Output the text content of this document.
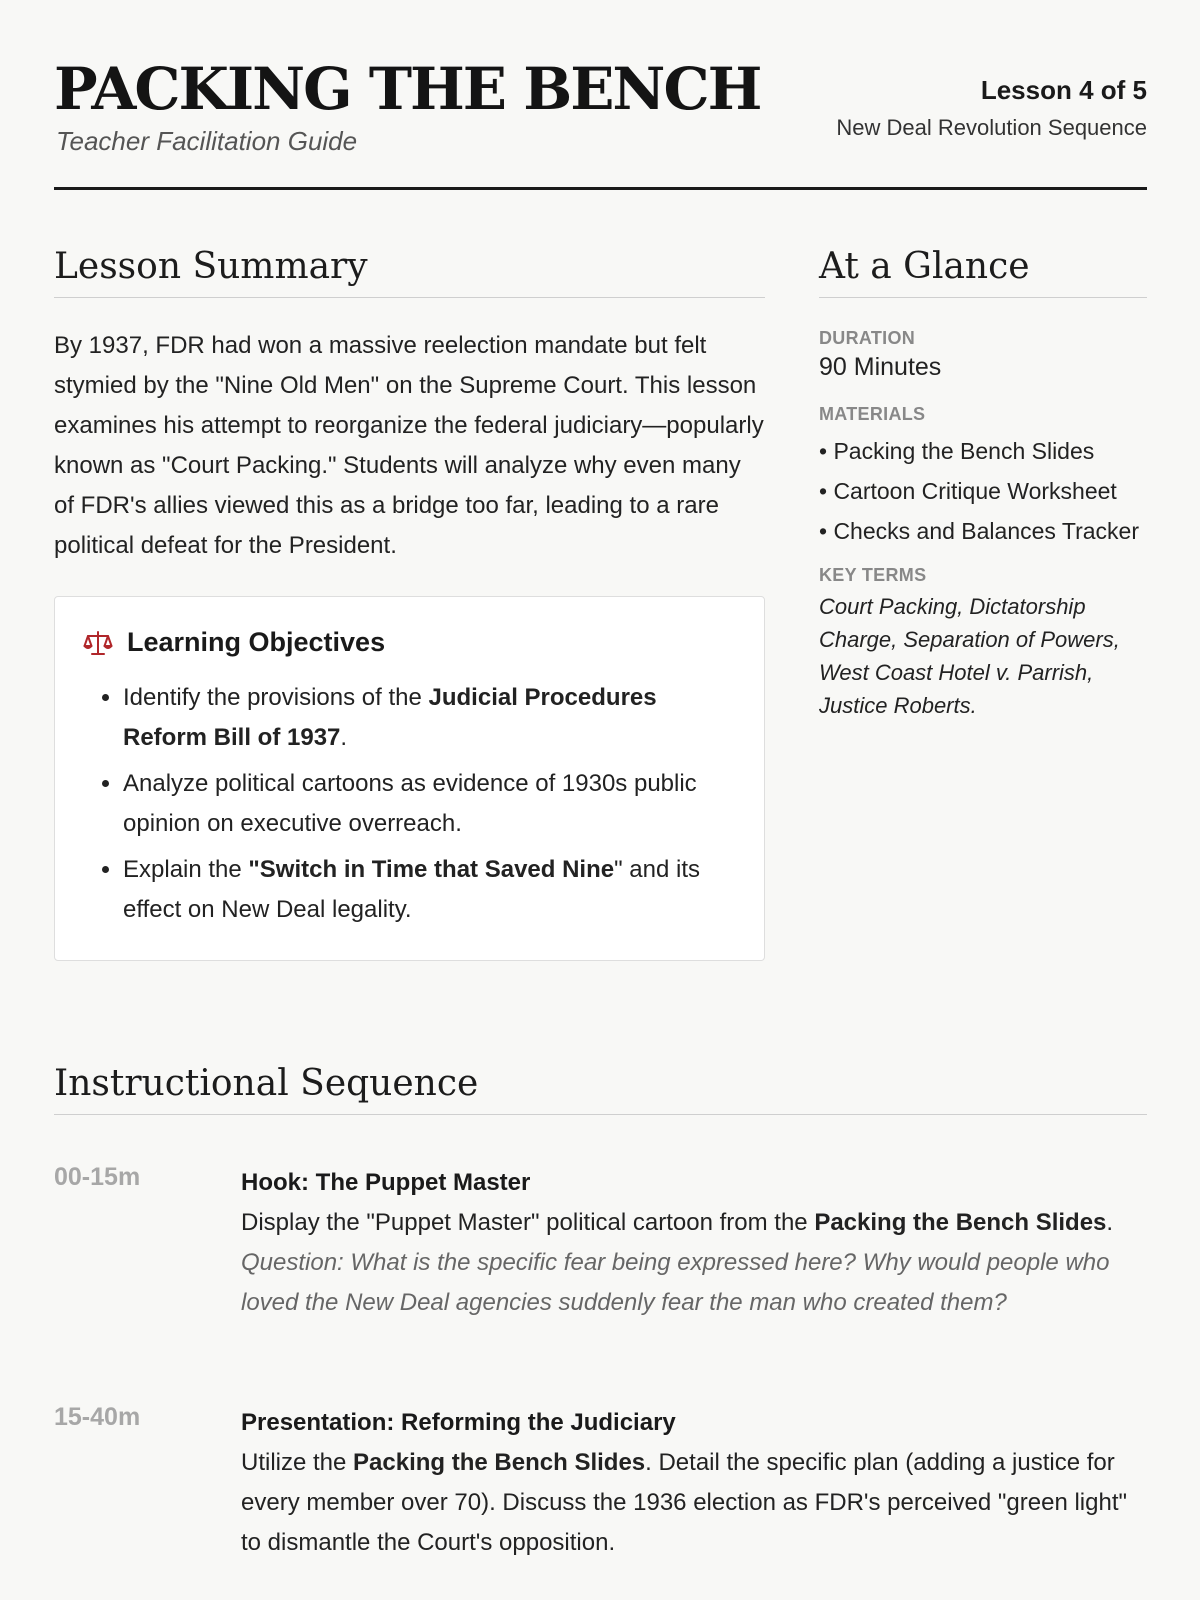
PACKING THE BENCH
Teacher Facilitation Guide
Lesson 4 of 5
New Deal Revolution Sequence
Lesson Summary

By 1937, FDR had won a massive reelection mandate but felt stymied by the "Nine Old Men" on the Supreme Court. This lesson examines his attempt to reorganize the federal judiciary—popularly known as "Court Packing." Students will analyze why even many of FDR's allies viewed this as a bridge too far, leading to a rare political defeat for the President.

Learning Objectives
• Identify the provisions of the Judicial Procedures Reform Bill of 1937.
• Analyze political cartoons as evidence of 1930s public opinion on executive overreach.
• Explain the "Switch in Time that Saved Nine" and its effect on New Deal legality.
At a Glance
DURATION
90 Minutes
MATERIALS
• Packing the Bench Slides
• Cartoon Critique Worksheet
• Checks and Balances Tracker
KEY TERMS
Court Packing, Dictatorship Charge, Separation of Powers, West Coast Hotel v. Parrish, Justice Roberts.
Instructional Sequence
00-15m	Hook: The Puppet Master
Display the "Puppet Master" political cartoon from the Packing the Bench Slides.
Question: What is the specific fear being expressed here? Why would people who loved the New Deal agencies suddenly fear the man who created them?
15-40m	Presentation: Reforming the Judiciary
Utilize the Packing the Bench Slides. Detail the specific plan (adding a justice for every member over 70). Discuss the 1936 election as FDR's perceived "green light" to dismantle the Court's opposition.
